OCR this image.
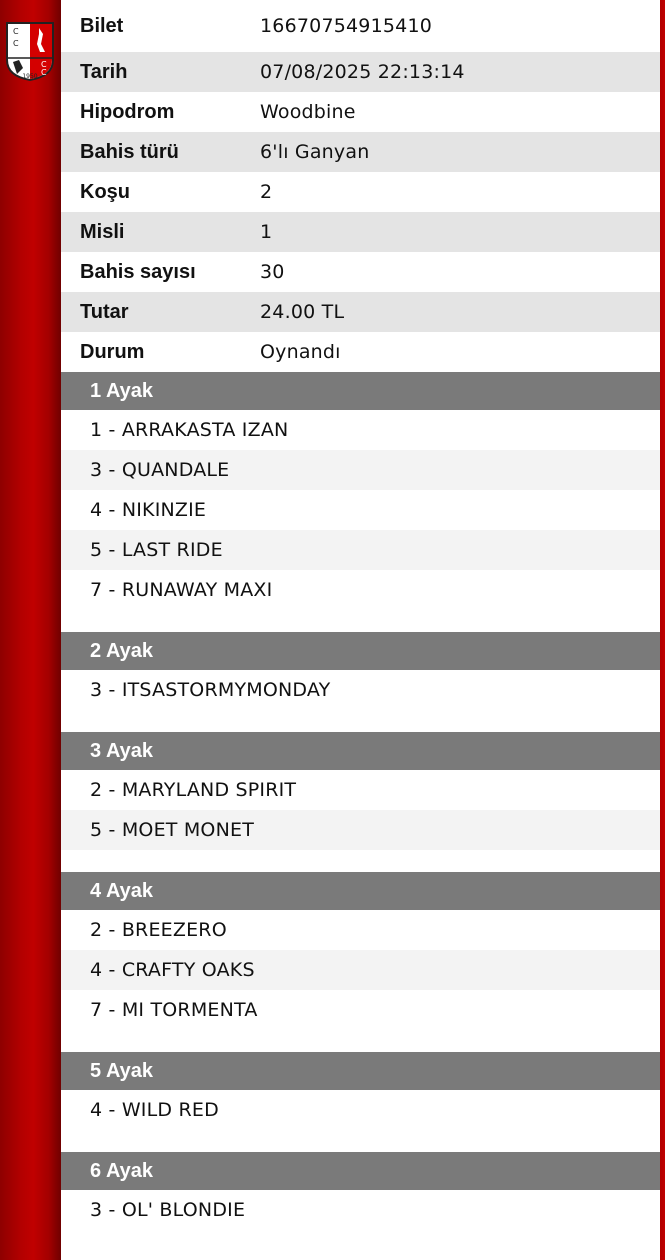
C
C
C
C
1950
Bilet	16670754915410
Tarih	07/08/2025 22:13:14
Hipodrom	Woodbine
Bahis türü	6'lı Ganyan
Koşu	2
Misli	1
Bahis sayısı	30
Tutar	24.00 TL
Durum	Oynandı
1 Ayak
1 - ARRAKASTA IZAN
3 - QUANDALE
4 - NIKINZIE
5 - LAST RIDE
7 - RUNAWAY MAXI
2 Ayak
3 - ITSASTORMYMONDAY
3 Ayak
2 - MARYLAND SPIRIT
5 - MOET MONET
4 Ayak
2 - BREEZERO
4 - CRAFTY OAKS
7 - MI TORMENTA
5 Ayak
4 - WILD RED
6 Ayak
3 - OL' BLONDIE
